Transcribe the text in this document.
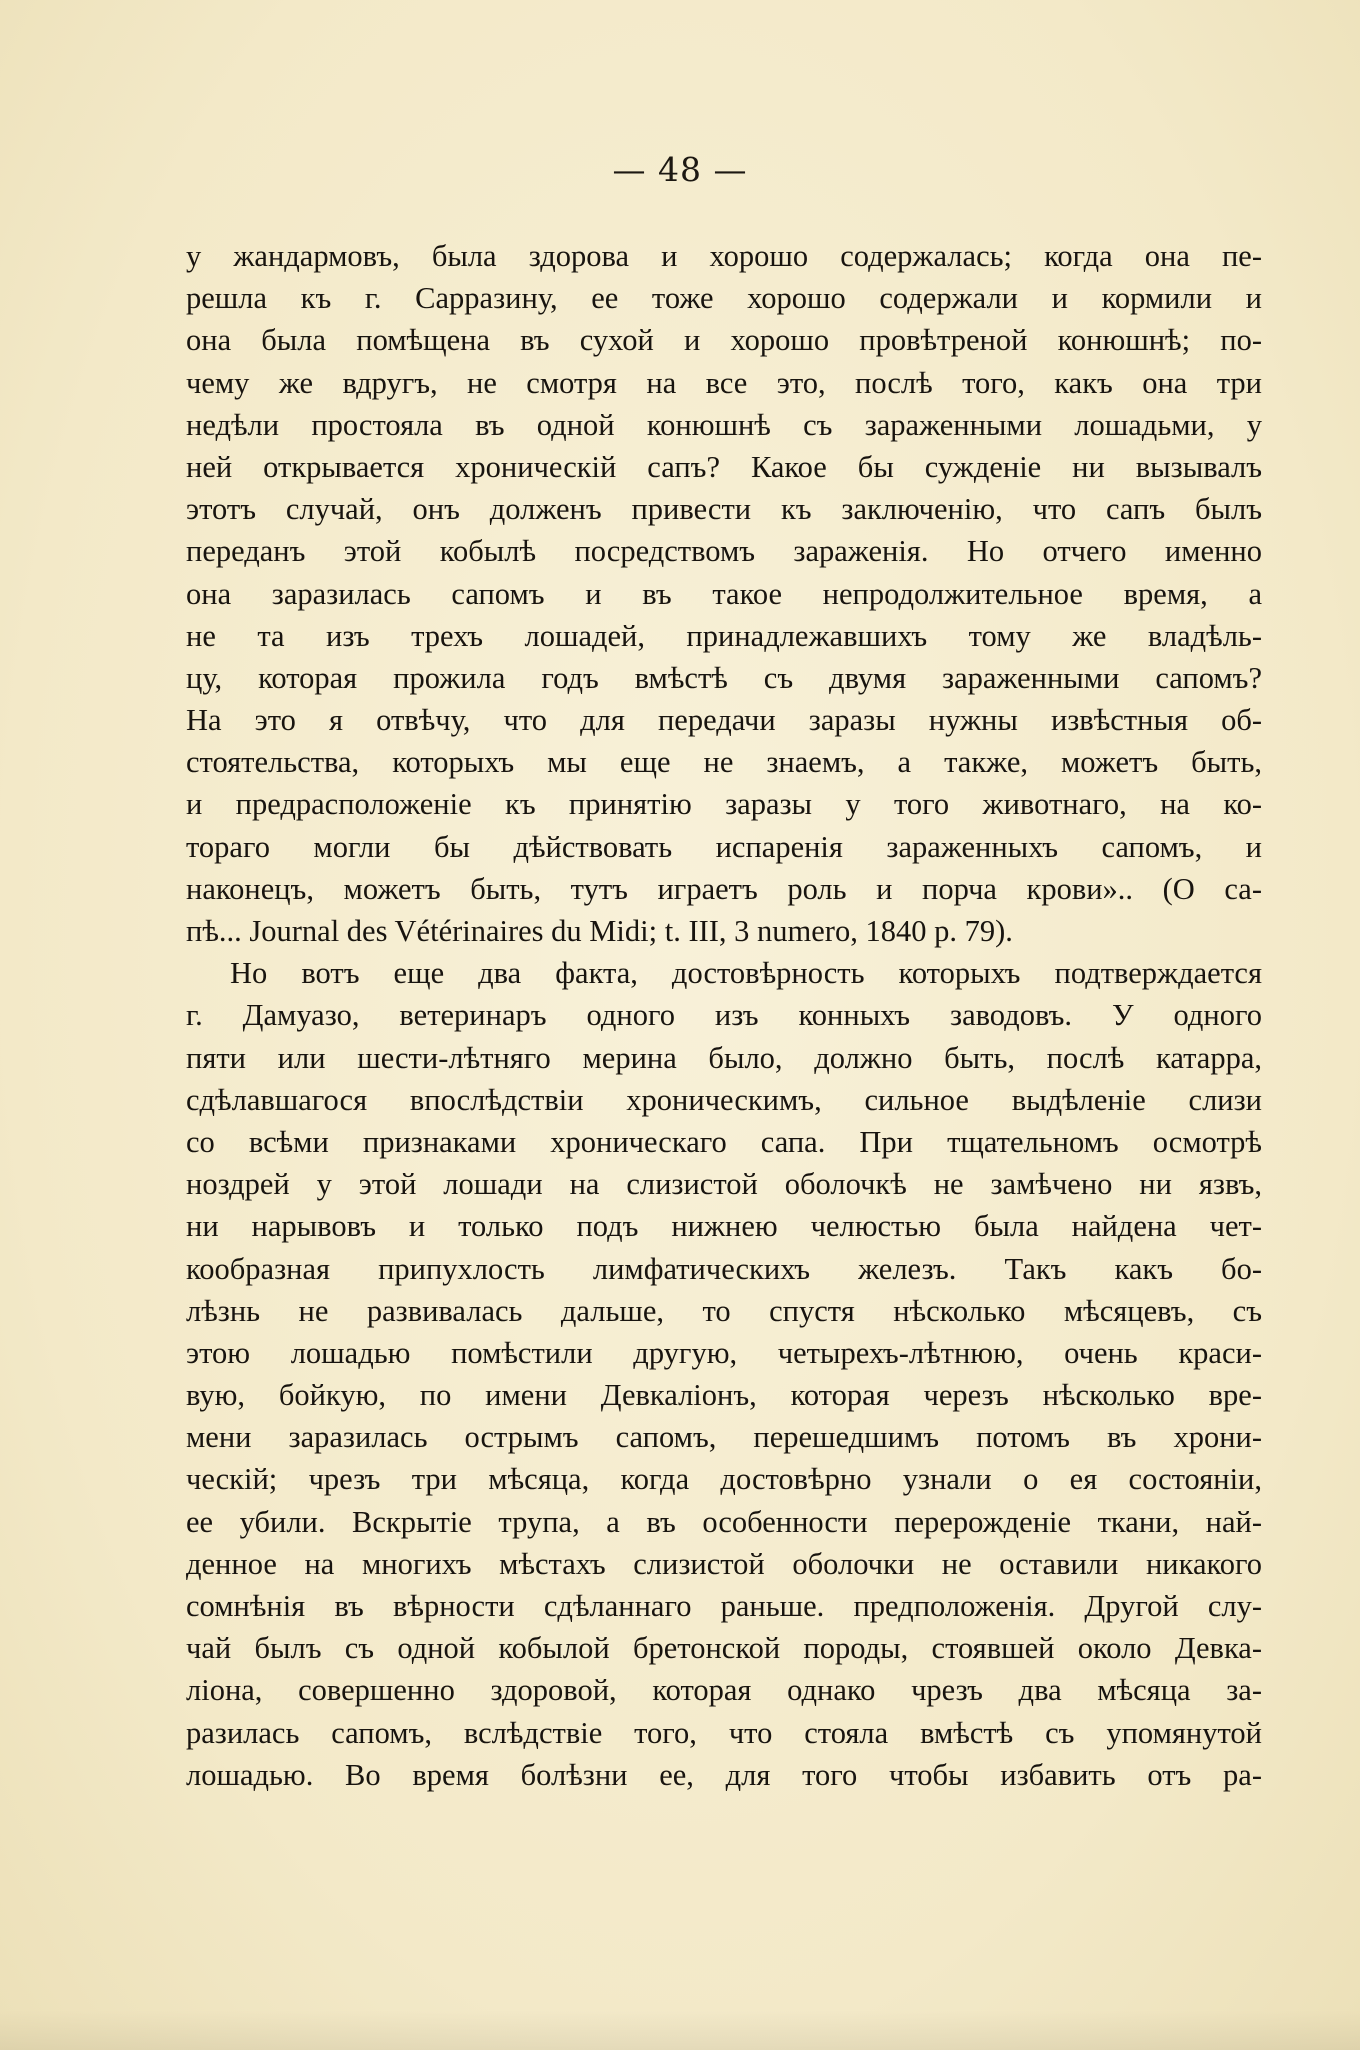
— 48 —
у жандармовъ, была здорова и хорошо содержалась; когда она пе-
решла къ г. Сарразину, ее тоже хорошо содержали и кормили и
она была помѣщена въ сухой и хорошо провѣтреной конюшнѣ; по-
чему же вдругъ, не смотря на все это, послѣ того, какъ она три
недѣли простояла въ одной конюшнѣ съ зараженными лошадьми, у
ней открывается хроническій сапъ? Какое бы сужденіе ни вызывалъ
этотъ случай, онъ долженъ привести къ заключенію, что сапъ былъ
переданъ этой кобылѣ посредствомъ зараженія. Но отчего именно
она заразилась сапомъ и въ такое непродолжительное время, а
не та изъ трехъ лошадей, принадлежавшихъ тому же владѣль-
цу, которая прожила годъ вмѣстѣ съ двумя зараженными сапомъ?
На это я отвѣчу, что для передачи заразы нужны извѣстныя об-
стоятельства, которыхъ мы еще не знаемъ, а также, можетъ быть,
и предрасположеніе къ принятію заразы у того животнаго, на ко-
тораго могли бы дѣйствовать испаренія зараженныхъ сапомъ, и
наконецъ, можетъ быть, тутъ играетъ роль и порча крови».. (О са-
пѣ... Journal des Vétérinaires du Midi; t. III, 3 numero, 1840 p. 79).
Но вотъ еще два факта, достовѣрность которыхъ подтверждается
г. Дамуазо, ветеринаръ одного изъ конныхъ заводовъ. У одного
пяти или шести-лѣтняго мерина было, должно быть, послѣ катарра,
сдѣлавшагося впослѣдствіи хроническимъ, сильное выдѣленіе слизи
со всѣми признаками хроническаго сапа. При тщательномъ осмотрѣ
ноздрей у этой лошади на слизистой оболочкѣ не замѣчено ни язвъ,
ни нарывовъ и только подъ нижнею челюстью была найдена чет-
кообразная припухлость лимфатическихъ железъ. Такъ какъ бо-
лѣзнь не развивалась дальше, то спустя нѣсколько мѣсяцевъ, съ
этою лошадью помѣстили другую, четырехъ-лѣтнюю, очень краси-
вую, бойкую, по имени Девкаліонъ, которая черезъ нѣсколько вре-
мени заразилась острымъ сапомъ, перешедшимъ потомъ въ хрони-
ческій; чрезъ три мѣсяца, когда достовѣрно узнали о ея состояніи,
ее убили. Вскрытіе трупа, а въ особенности перерожденіе ткани, най-
денное на многихъ мѣстахъ слизистой оболочки не оставили никакого
сомнѣнія въ вѣрности сдѣланнаго раньше. предположенія. Другой слу-
чай былъ съ одной кобылой бретонской породы, стоявшей около Девка-
ліона, совершенно здоровой, которая однако чрезъ два мѣсяца за-
разилась сапомъ, вслѣдствіе того, что стояла вмѣстѣ съ упомянутой
лошадью. Во время болѣзни ее, для того чтобы избавить отъ ра-
